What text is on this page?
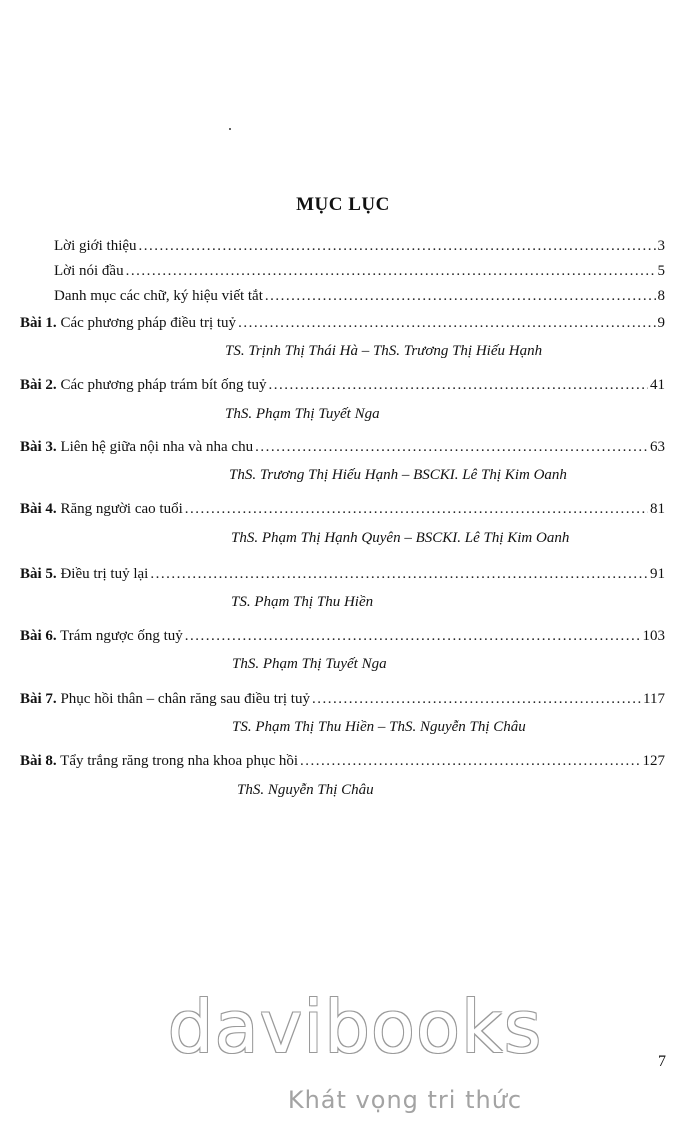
MỤC LỤC
Lời giới thiệu .....	3
Lời nói đầu .....	5
Danh mục các chữ, ký hiệu viết tắt .....	8
Bài 1. Các phương pháp điều trị tuỷ .....	9
TS. Trịnh Thị Thái Hà – ThS. Trương Thị Hiếu Hạnh
Bài 2. Các phương pháp trám bít ống tuỷ .....	41
ThS. Phạm Thị Tuyết Nga
Bài 3. Liên hệ giữa nội nha và nha chu .....	63
ThS. Trương Thị Hiếu Hạnh – BSCKI. Lê Thị Kim Oanh
Bài 4. Răng người cao tuổi .....	81
ThS. Phạm Thị Hạnh Quyên – BSCKI. Lê Thị Kim Oanh
Bài 5. Điều trị tuỷ lại .....	91
TS. Phạm Thị Thu Hiền
Bài 6. Trám ngược ống tuỷ .....	103
ThS. Phạm Thị Tuyết Nga
Bài 7. Phục hồi thân – chân răng sau điều trị tuỷ .....	117
TS. Phạm Thị Thu Hiền – ThS. Nguyễn Thị Châu
Bài 8. Tẩy trắng răng trong nha khoa phục hồi .....	127
ThS. Nguyễn Thị Châu
davibooks	7
Khát vọng tri thức
